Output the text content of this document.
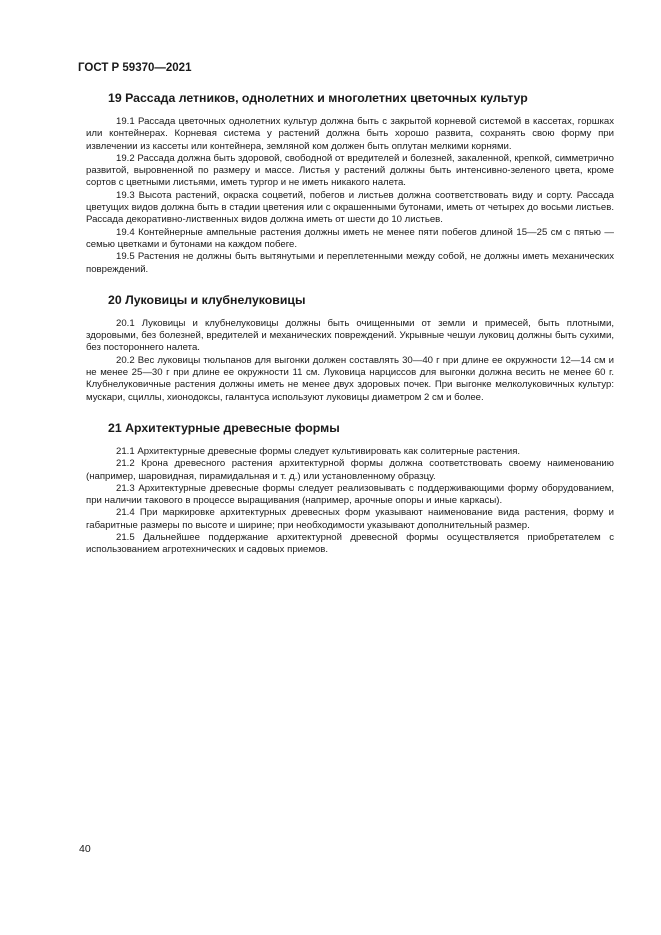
ГОСТ Р 59370—2021
19 Рассада летников, однолетних и многолетних цветочных культур

19.1 Рассада цветочных однолетних культур должна быть с закрытой корневой системой в кассетах, горшках или контейнерах. Корневая система у растений должна быть хорошо развита, сохранять свою форму при извлечении из кассеты или контейнера, земляной ком должен быть оплутан мелкими корнями.

19.2 Рассада должна быть здоровой, свободной от вредителей и болезней, закаленной, крепкой, симметрично развитой, выровненной по размеру и массе. Листья у растений должны быть интенсивно-зеленого цвета, кроме сортов с цветными листьями, иметь тургор и не иметь никакого налета.

19.3 Высота растений, окраска соцветий, побегов и листьев должна соответствовать виду и сорту. Рассада цветущих видов должна быть в стадии цветения или с окрашенными бутонами, иметь от четырех до восьми листьев. Рассада декоративно-лиственных видов должна иметь от шести до 10 листьев.

19.4 Контейнерные ампельные растения должны иметь не менее пяти побегов длиной 15—25 см с пятью — семью цветками и бутонами на каждом побеге.

19.5 Растения не должны быть вытянутыми и переплетенными между собой, не должны иметь механических повреждений.

20 Луковицы и клубнелуковицы

20.1 Луковицы и клубнелуковицы должны быть очищенными от земли и примесей, быть плотными, здоровыми, без болезней, вредителей и механических повреждений. Укрывные чешуи луковиц должны быть сухими, без постороннего налета.

20.2 Вес луковицы тюльпанов для выгонки должен составлять 30—40 г при длине ее окружности 12—14 см и не менее 25—30 г при длине ее окружности 11 см. Луковица нарциссов для выгонки должна весить не менее 60 г. Клубнелуковичные растения должны иметь не менее двух здоровых почек. При выгонке мелколуковичных культур: мускари, сциллы, хионодоксы, галантуса используют луковицы диаметром 2 см и более.

21 Архитектурные древесные формы

21.1 Архитектурные древесные формы следует культивировать как солитерные растения.

21.2 Крона древесного растения архитектурной формы должна соответствовать своему наименованию (например, шаровидная, пирамидальная и т. д.) или установленному образцу.

21.3 Архитектурные древесные формы следует реализовывать с поддерживающими форму оборудованием, при наличии такового в процессе выращивания (например, арочные опоры и иные каркасы).

21.4 При маркировке архитектурных древесных форм указывают наименование вида растения, форму и габаритные размеры по высоте и ширине; при необходимости указывают дополнительный размер.

21.5 Дальнейшее поддержание архитектурной древесной формы осуществляется приобретателем с использованием агротехнических и садовых приемов.

40
